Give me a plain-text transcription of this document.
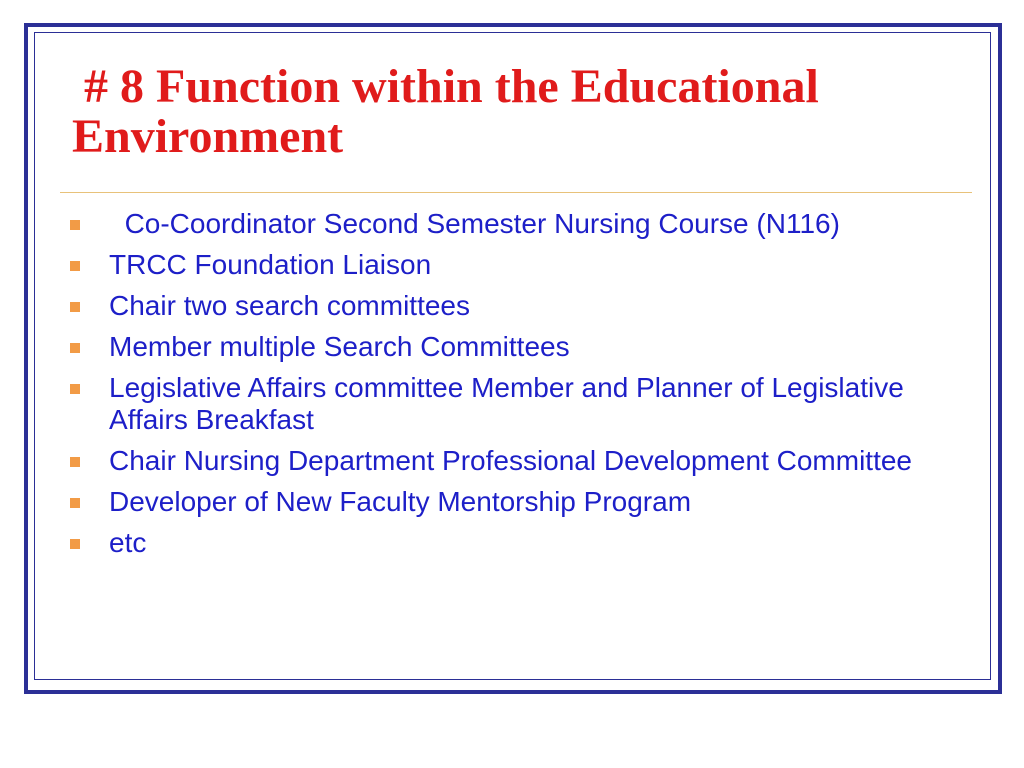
# 8 Function within the Educational
Environment
Co-Coordinator Second Semester Nursing Course (N116)
TRCC Foundation Liaison
Chair two search committees
Member multiple Search Committees
Legislative Affairs committee Member and Planner of Legislative Affairs Breakfast
Chair Nursing Department Professional Development Committee
Developer of New Faculty Mentorship Program
etc
